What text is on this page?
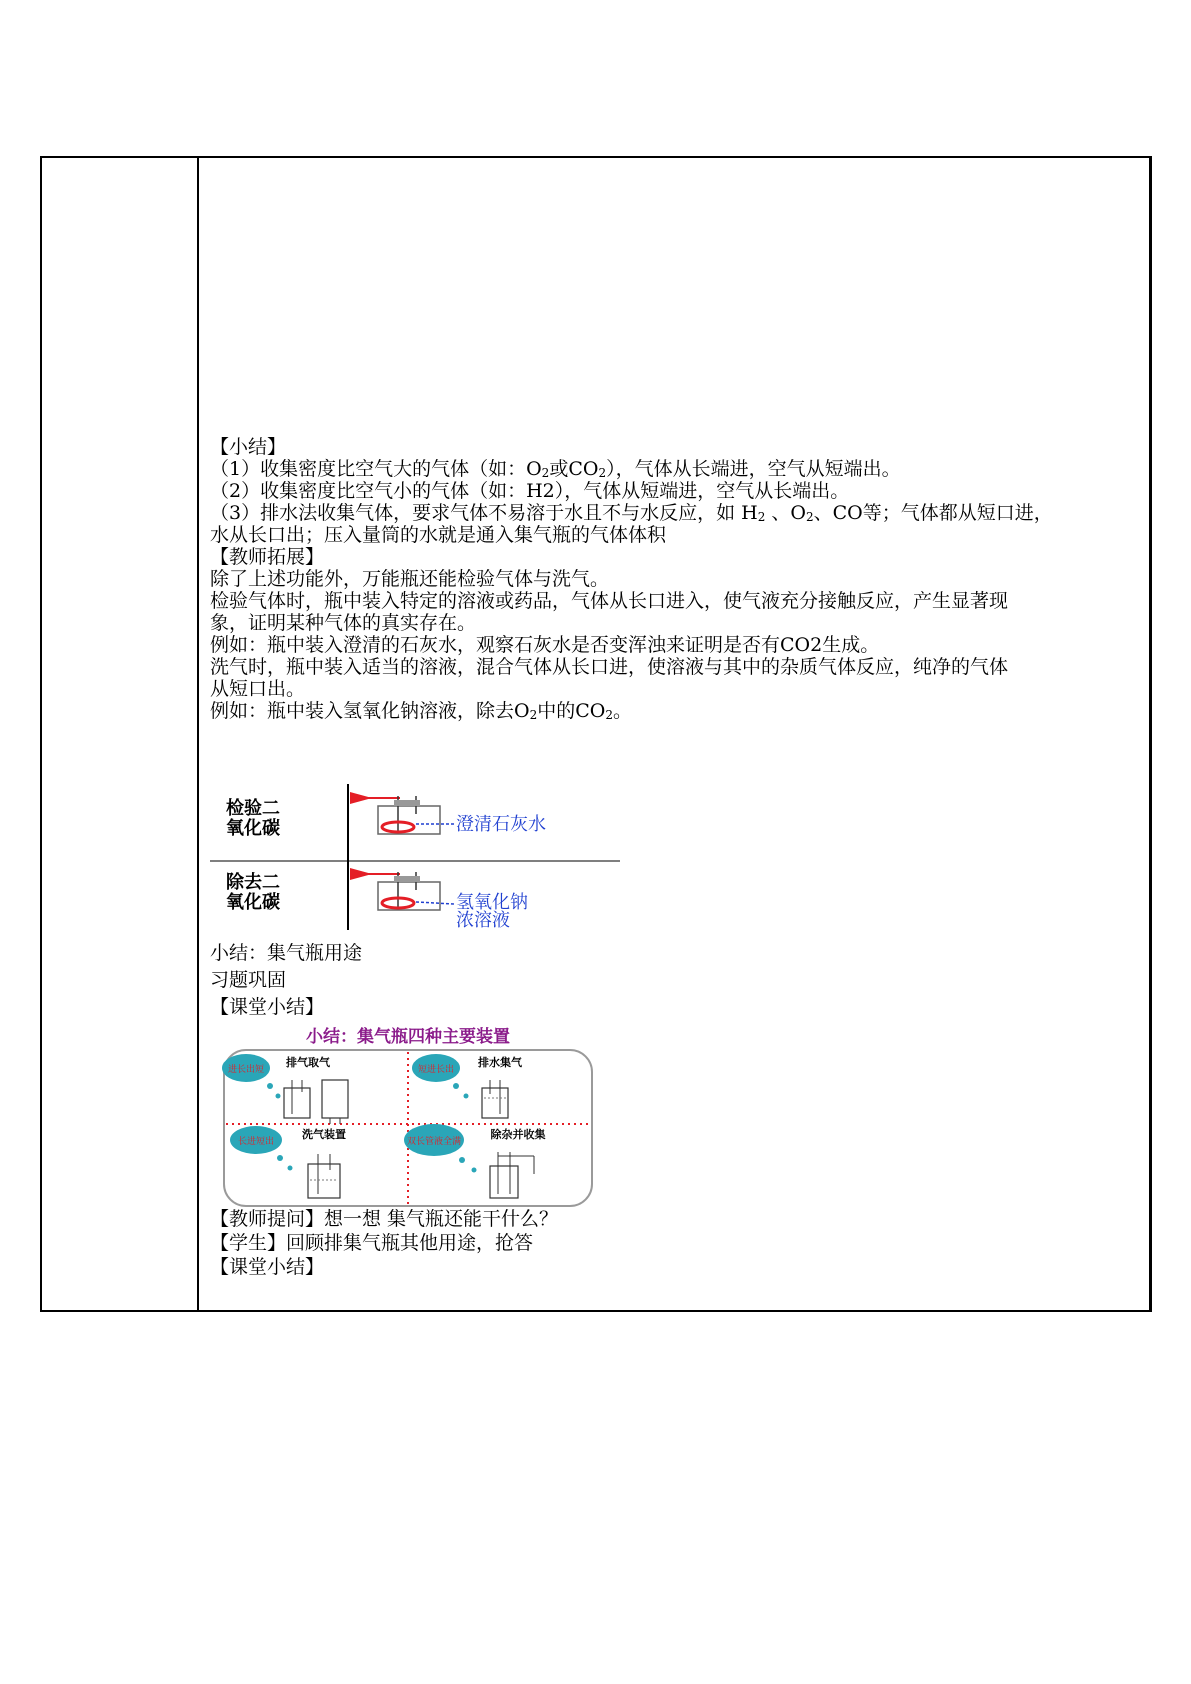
【小结】
（1）收集密度比空气大的气体（如：O2或CO2），气体从长端进，空气从短端出。
（2）收集密度比空气小的气体（如：H2），气体从短端进，空气从长端出。
（3）排水法收集气体，要求气体不易溶于水且不与水反应，如 H2 、O2、CO等；气体都从短口进，
水从长口出；压入量筒的水就是通入集气瓶的气体体积
【教师拓展】
除了上述功能外，万能瓶还能检验气体与洗气。
检验气体时，瓶中装入特定的溶液或药品，气体从长口进入，使气液充分接触反应，产生显著现
象，证明某种气体的真实存在。
例如：瓶中装入澄清的石灰水，观察石灰水是否变浑浊来证明是否有CO2生成。
洗气时，瓶中装入适当的溶液，混合气体从长口进，使溶液与其中的杂质气体反应，纯净的气体
从短口出。
例如：瓶中装入氢氧化钠溶液，除去O2中的CO2。
检验二
氧化碳
除去二
氧化碳
澄清石灰水
氢氧化钠
浓溶液
小结：集气瓶用途
习题巩固
【课堂小结】
小结：集气瓶四种主要装置
进长出短
排气取气
短进长出
排水集气
长进短出
洗气装置
双长管液全满
除杂并收集
【教师提问】想一想 集气瓶还能干什么？
【学生】回顾排集气瓶其他用途，抢答
【课堂小结】
